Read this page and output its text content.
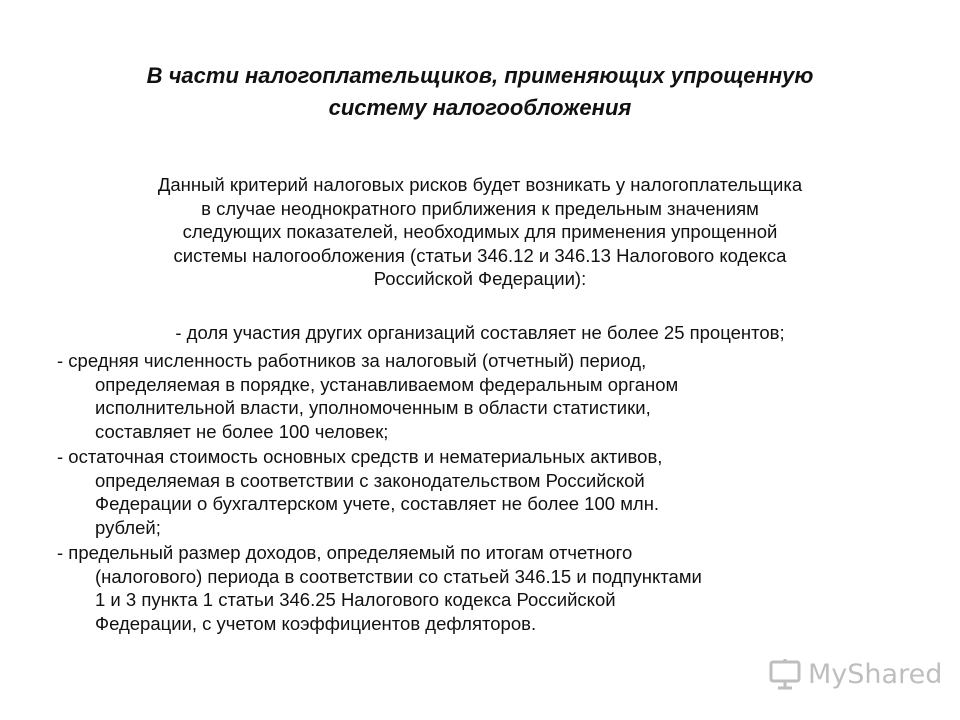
В части налогоплательщиков, применяющих упрощенную
систему налогообложения
Данный критерий налоговых рисков будет возникать у налогоплательщика
в случае неоднократного приближения к предельным значениям
следующих показателей, необходимых для применения упрощенной
системы налогообложения (статьи 346.12 и 346.13 Налогового кодекса
Российской Федерации):
- доля участия других организаций составляет не более 25 процентов;
- средняя численность работников за налоговый (отчетный) период,
определяемая в порядке, устанавливаемом федеральным органом
исполнительной власти, уполномоченным в области статистики,
составляет не более 100 человек;
- остаточная стоимость основных средств и нематериальных активов,
определяемая в соответствии с законодательством Российской
Федерации о бухгалтерском учете, составляет не более 100 млн.
рублей;
- предельный размер доходов, определяемый по итогам отчетного
(налогового) периода в соответствии со статьей 346.15 и подпунктами
1 и 3 пункта 1 статьи 346.25 Налогового кодекса Российской
Федерации, с учетом коэффициентов дефляторов.
MyShared
